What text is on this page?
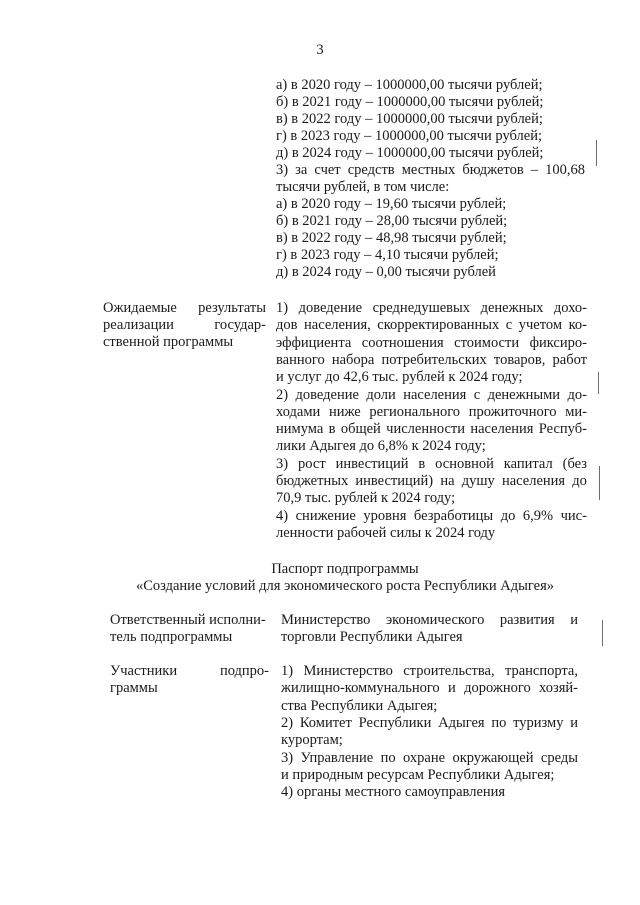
3
а) в 2020 году – 1000000,00 тысячи рублей;
б) в 2021 году – 1000000,00 тысячи рублей;
в) в 2022 году – 1000000,00 тысячи рублей;
г) в 2023 году – 1000000,00 тысячи рублей;
д) в 2024 году – 1000000,00 тысячи рублей;
3) за счет средств местных бюджетов – 100,68
тысячи рублей, в том числе:
а) в 2020 году – 19,60 тысячи рублей;
б) в 2021 году – 28,00 тысячи рублей;
в) в 2022 году – 48,98 тысячи рублей;
г) в 2023 году – 4,10 тысячи рублей;
д) в 2024 году – 0,00 тысячи рублей
Ожидаемые результаты
реализации	государ-
ственной программы
1) доведение среднедушевых денежных дохо-
дов населения, скорректированных с учетом ко-
эффициента соотношения стоимости фиксиро-
ванного набора потребительских товаров, работ
и услуг до 42,6 тыс. рублей к 2024 году;
2) доведение доли населения с денежными до-
ходами ниже регионального прожиточного ми-
нимума в общей численности населения Респуб-
лики Адыгея до 6,8% к 2024 году;
3) рост инвестиций в основной капитал (без
бюджетных инвестиций) на душу населения до
70,9 тыс. рублей к 2024 году;
4) снижение уровня безработицы до 6,9% чис-
ленности рабочей силы к 2024 году
Паспорт подпрограммы
«Создание условий для экономического роста Республики Адыгея»
Ответственный исполни-
тель подпрограммы
Министерство экономического развития и
торговли Республики Адыгея
Участники	подпро-
граммы
1) Министерство строительства, транспорта,
жилищно-коммунального и дорожного хозяй-
ства Республики Адыгея;
2) Комитет Республики Адыгея по туризму и
курортам;
3) Управление по охране окружающей среды
и природным ресурсам Республики Адыгея;
4) органы местного самоуправления
